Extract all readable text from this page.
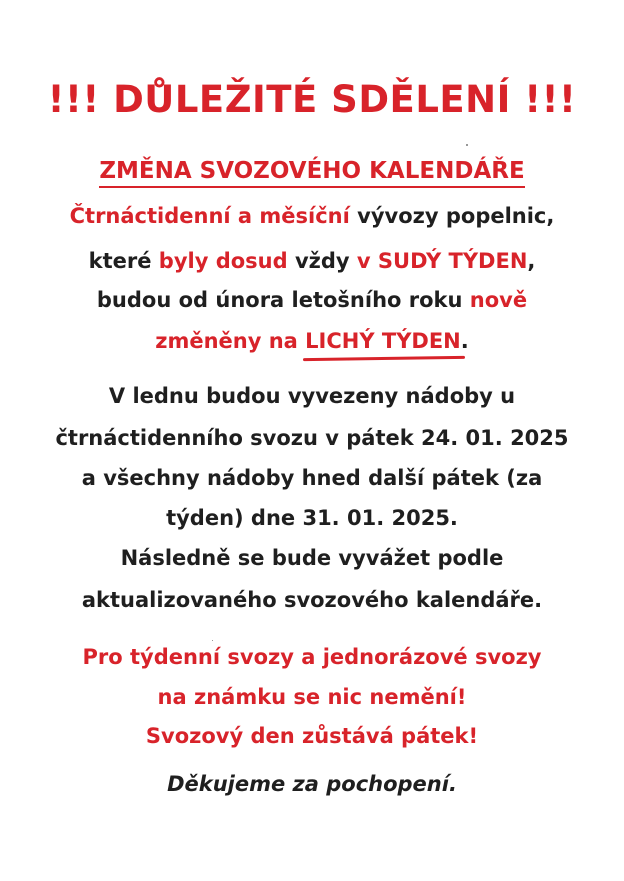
!!! DŮLEŽITÉ SDĚLENÍ !!!
ZMĚNA SVOZOVÉHO KALENDÁŘE
Čtrnáctidenní a měsíční vývozy popelnic,
které byly dosud vždy v SUDÝ TÝDEN,
budou od února letošního roku nově
změněny na LICHÝ TÝDEN.
V lednu budou vyvezeny nádoby u
čtrnáctidenního svozu v pátek 24. 01. 2025
a všechny nádoby hned další pátek (za
týden) dne 31. 01. 2025.
Následně se bude vyvážet podle
aktualizovaného svozového kalendáře.
Pro týdenní svozy a jednorázové svozy
na známku se nic nemění!
Svozový den zůstává pátek!
Děkujeme za pochopení.
